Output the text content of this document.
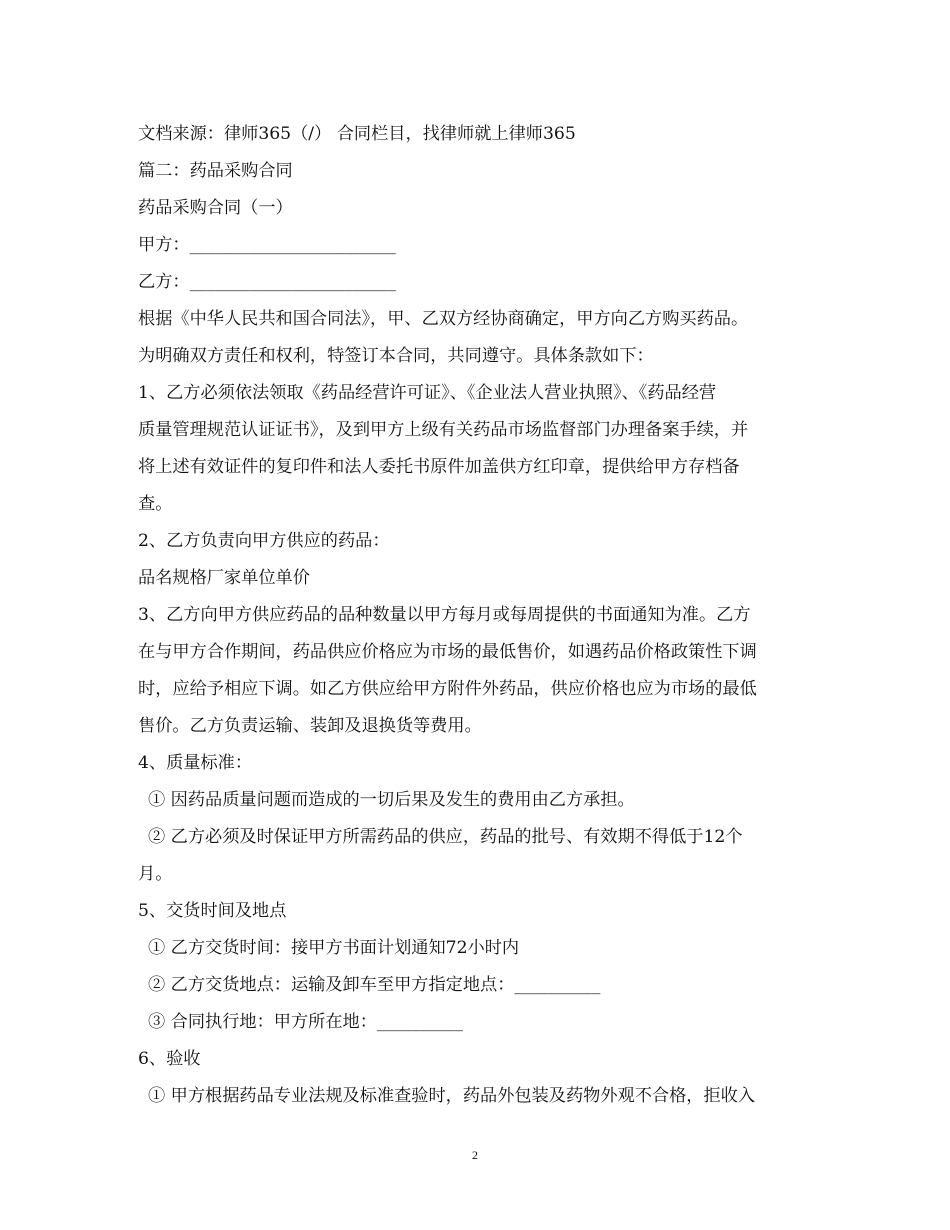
文档来源：律师365（/） 合同栏目，找律师就上律师365
篇二：药品采购合同
药品采购合同（一）
甲方：________________________
乙方：________________________
根据《中华人民共和国合同法》，甲、乙双方经协商确定，甲方向乙方购买药品。
为明确双方责任和权利，特签订本合同，共同遵守。具体条款如下：
1、乙方必须依法领取《药品经营许可证》、《企业法人营业执照》、《药品经营
质量管理规范认证证书》，及到甲方上级有关药品市场监督部门办理备案手续，并
将上述有效证件的复印件和法人委托书原件加盖供方红印章，提供给甲方存档备
查。
2、乙方负责向甲方供应的药品：
品名规格厂家单位单价
3、乙方向甲方供应药品的品种数量以甲方每月或每周提供的书面通知为准。乙方
在与甲方合作期间，药品供应价格应为市场的最低售价，如遇药品价格政策性下调
时，应给予相应下调。如乙方供应给甲方附件外药品，供应价格也应为市场的最低
售价。乙方负责运输、装卸及退换货等费用。
4、质量标准：
① 因药品质量问题而造成的一切后果及发生的费用由乙方承担。
② 乙方必须及时保证甲方所需药品的供应，药品的批号、有效期不得低于12个
月。
5、交货时间及地点
① 乙方交货时间：接甲方书面计划通知72小时内
② 乙方交货地点：运输及卸车至甲方指定地点：__________
③ 合同执行地：甲方所在地：__________
6、验收
① 甲方根据药品专业法规及标准查验时，药品外包装及药物外观不合格，拒收入
2
